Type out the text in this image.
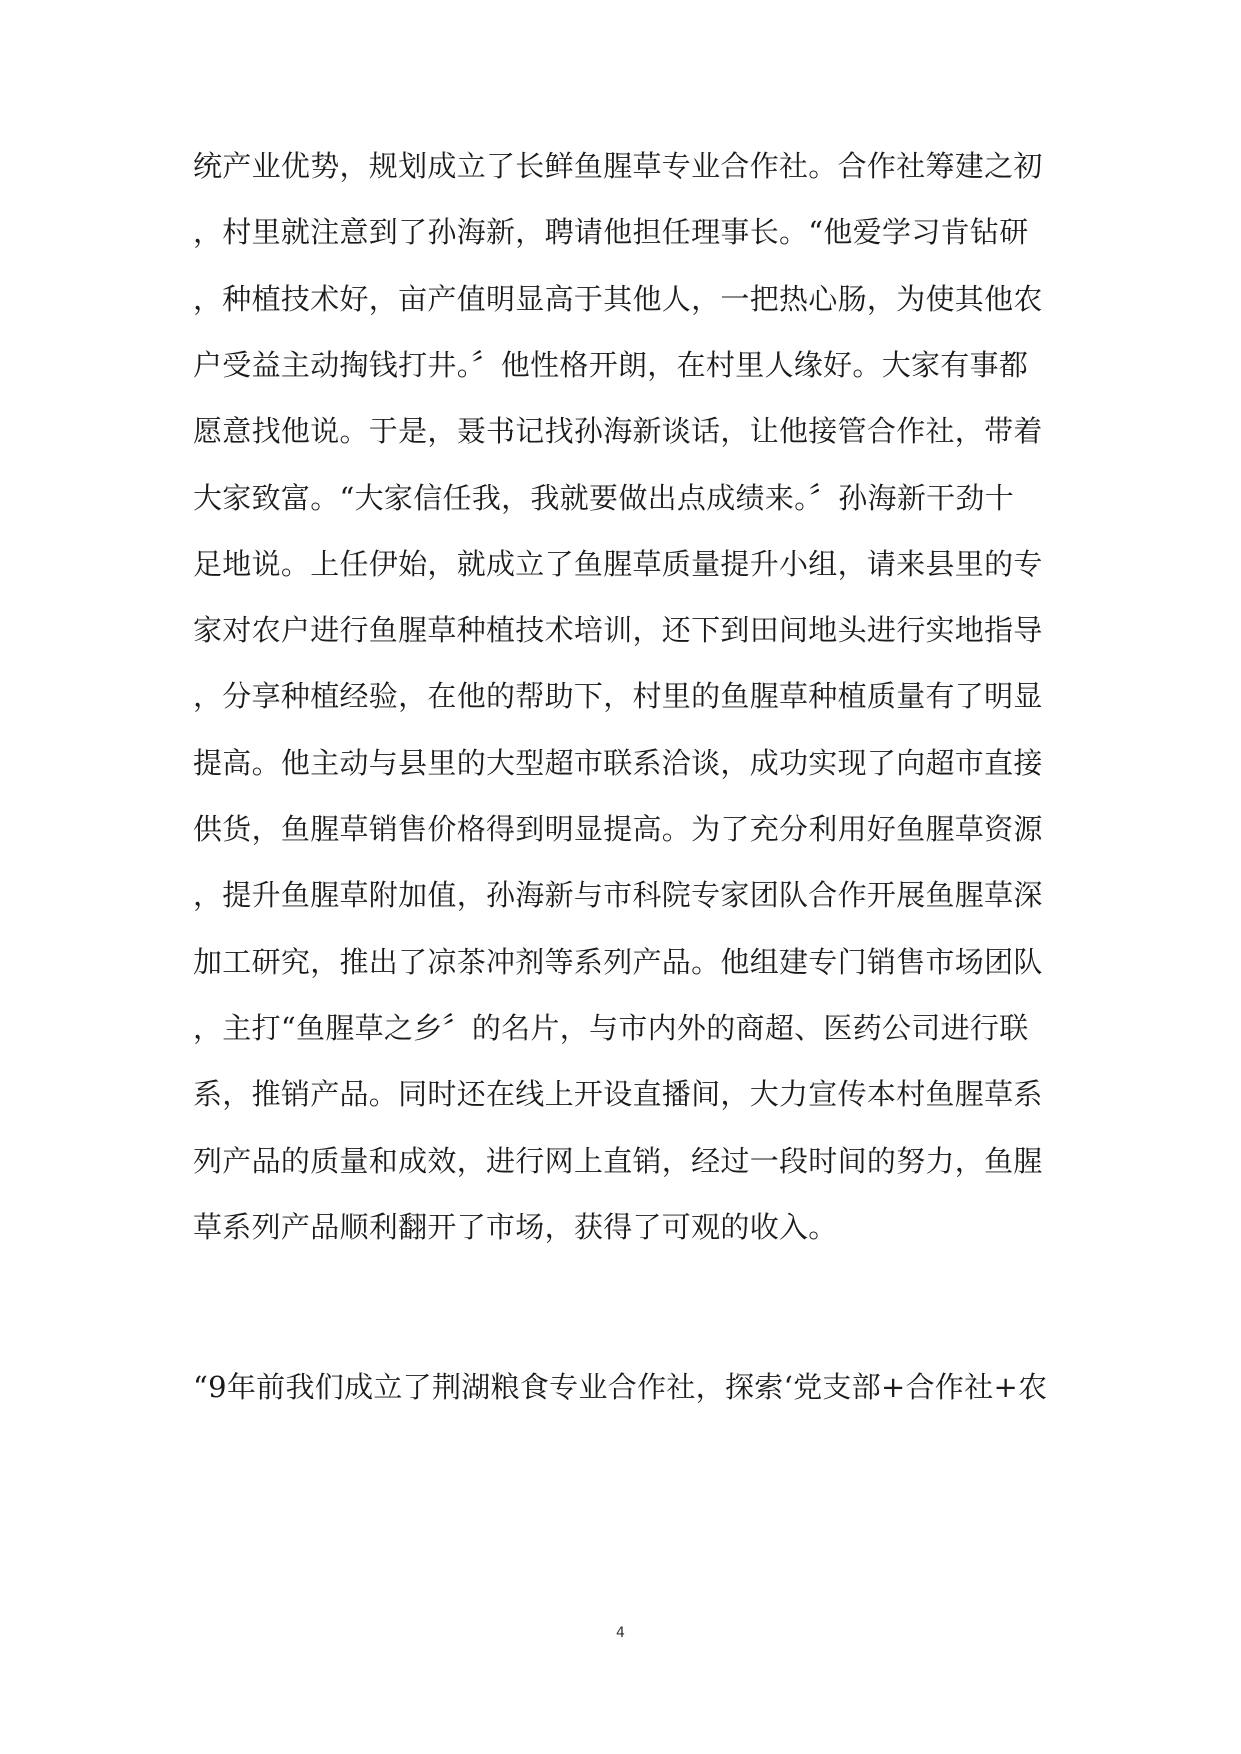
统产业优势，规划成立了长鲜鱼腥草专业合作社。合作社筹建之初
，村里就注意到了孙海新，聘请他担任理事长。“他爱学习肯钻研
，种植技术好，亩产值明显高于其他人，一把热心肠，为使其他农
户受益主动掏钱打井。〞他性格开朗，在村里人缘好。大家有事都
愿意找他说。于是，聂书记找孙海新谈话，让他接管合作社，带着
大家致富。“大家信任我，我就要做出点成绩来。〞孙海新干劲十
足地说。上任伊始，就成立了鱼腥草质量提升小组，请来县里的专
家对农户进行鱼腥草种植技术培训，还下到田间地头进行实地指导
，分享种植经验，在他的帮助下，村里的鱼腥草种植质量有了明显
提高。他主动与县里的大型超市联系洽谈，成功实现了向超市直接
供货，鱼腥草销售价格得到明显提高。为了充分利用好鱼腥草资源
，提升鱼腥草附加值，孙海新与市科院专家团队合作开展鱼腥草深
加工研究，推出了凉茶冲剂等系列产品。他组建专门销售市场团队
，主打“鱼腥草之乡〞的名片，与市内外的商超、医药公司进行联
系，推销产品。同时还在线上开设直播间，大力宣传本村鱼腥草系
列产品的质量和成效，进行网上直销，经过一段时间的努力，鱼腥
草系列产品顺利翻开了市场，获得了可观的收入。
“9年前我们成立了荆湖粮食专业合作社，探索‘党支部+合作社+农
4
